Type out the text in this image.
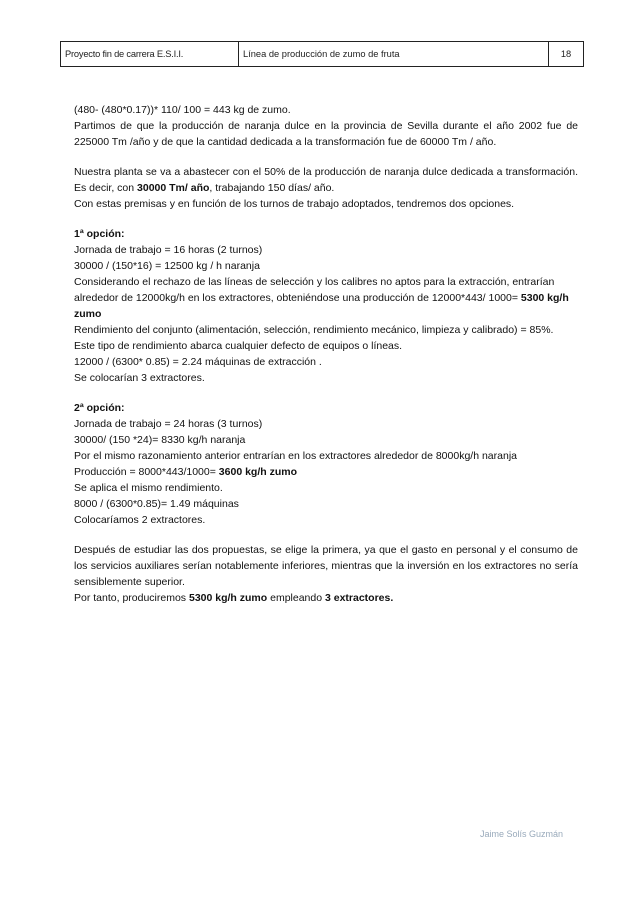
Proyecto fin de carrera E.S.I.I.	Línea de producción de zumo de fruta	18

(480- (480*0.17))* 110/ 100 = 443 kg de zumo.

Partimos de que la producción de naranja dulce en la provincia de Sevilla durante el año 2002 fue de 225000 Tm /año y de que la cantidad dedicada a la transformación fue de 60000 Tm / año.

Nuestra planta se va a abastecer con el 50% de la producción de naranja dulce dedicada a transformación. Es decir, con 30000 Tm/ año, trabajando 150 días/ año.

Con estas premisas y en función de los turnos de trabajo adoptados, tendremos dos opciones.

1ª opción:

Jornada de trabajo = 16 horas (2 turnos)

30000 / (150*16) = 12500 kg / h naranja

Considerando el rechazo de las líneas de selección y los calibres no aptos para la extracción, entrarían alrededor de 12000kg/h en los extractores, obteniéndose una producción de 12000*443/ 1000= 5300 kg/h zumo

Rendimiento del conjunto (alimentación, selección, rendimiento mecánico, limpieza y calibrado) = 85%.

Este tipo de rendimiento abarca cualquier defecto de equipos o líneas.

12000 / (6300* 0.85) = 2.24 máquinas de extracción .

Se colocarían 3 extractores.

2ª opción:

Jornada de trabajo = 24 horas (3 turnos)

30000/ (150 *24)= 8330 kg/h naranja

Por el mismo razonamiento anterior entrarían en los extractores alrededor de 8000kg/h naranja

Producción = 8000*443/1000= 3600 kg/h zumo

Se aplica el mismo rendimiento.

8000 / (6300*0.85)= 1.49 máquinas

Colocaríamos 2 extractores.

Después de estudiar las dos propuestas, se elige la primera, ya que el gasto en personal y el consumo de los servicios auxiliares serían notablemente inferiores, mientras que la inversión en los extractores no sería sensiblemente superior.

Por tanto, produciremos 5300 kg/h zumo empleando 3 extractores.

Jaime Solís Guzmán
